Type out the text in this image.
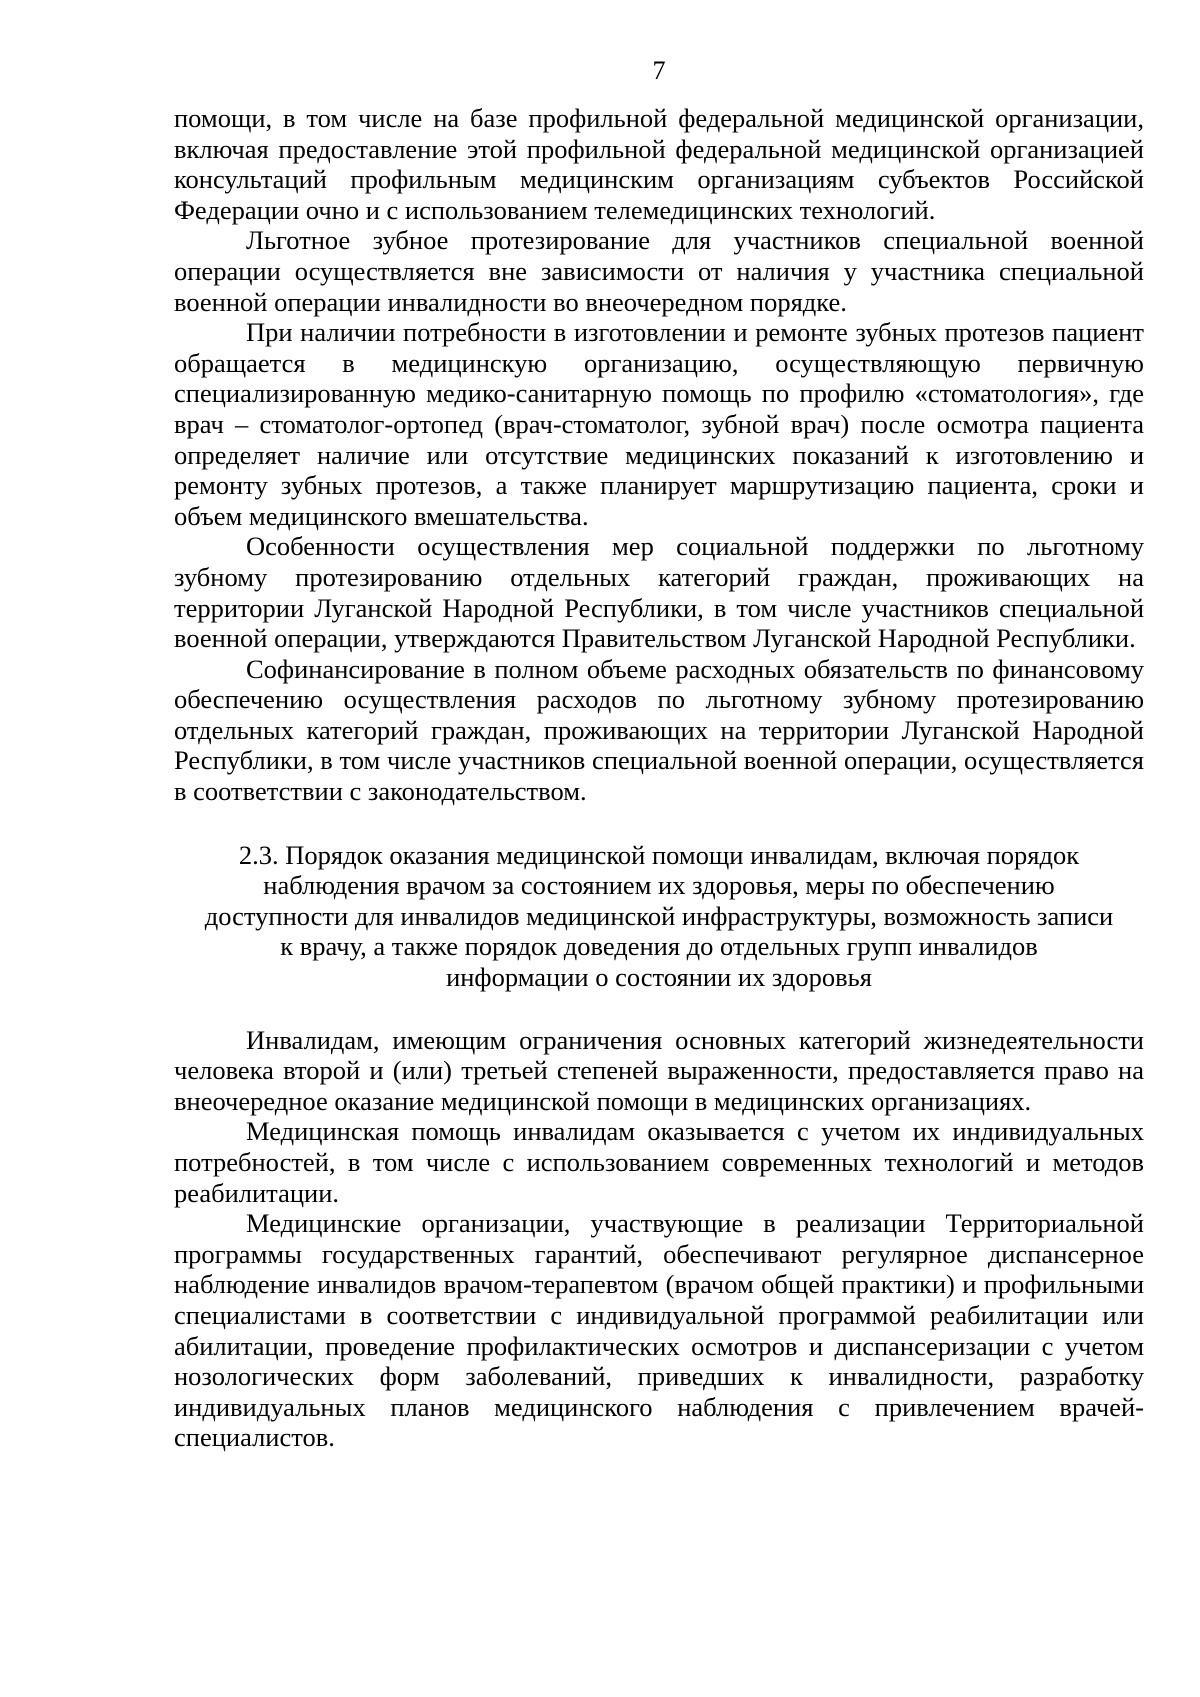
7

помощи, в том числе на базе профильной федеральной медицинской организации, включая предоставление этой профильной федеральной медицинской организацией консультаций профильным медицинским организациям субъектов Российской Федерации очно и с использованием телемедицинских технологий.

Льготное зубное протезирование для участников специальной военной операции осуществляется вне зависимости от наличия у участника специальной военной операции инвалидности во внеочередном порядке.

При наличии потребности в изготовлении и ремонте зубных протезов пациент обращается в медицинскую организацию, осуществляющую первичную специализированную медико-санитарную помощь по профилю «стоматология», где врач – стоматолог-ортопед (врач-стоматолог, зубной врач) после осмотра пациента определяет наличие или отсутствие медицинских показаний к изготовлению и ремонту зубных протезов, а также планирует маршрутизацию пациента, сроки и объем медицинского вмешательства.

Особенности осуществления мер социальной поддержки по льготному зубному протезированию отдельных категорий граждан, проживающих на территории Луганской Народной Республики, в том числе участников специальной военной операции, утверждаются Правительством Луганской Народной Республики.

Софинансирование в полном объеме расходных обязательств по финансовому обеспечению осуществления расходов по льготному зубному протезированию отдельных категорий граждан, проживающих на территории Луганской Народной Республики, в том числе участников специальной военной операции, осуществляется в соответствии с законодательством.

2.3. Порядок оказания медицинской помощи инвалидам, включая порядок
наблюдения врачом за состоянием их здоровья, меры по обеспечению
доступности для инвалидов медицинской инфраструктуры, возможность записи
к врачу, а также порядок доведения до отдельных групп инвалидов
информации о состоянии их здоровья

Инвалидам, имеющим ограничения основных категорий жизнедеятельности человека второй и (или) третьей степеней выраженности, предоставляется право на внеочередное оказание медицинской помощи в медицинских организациях.

Медицинская помощь инвалидам оказывается с учетом их индивидуальных потребностей, в том числе с использованием современных технологий и методов реабилитации.

Медицинские организации, участвующие в реализации Территориальной программы государственных гарантий, обеспечивают регулярное диспансерное наблюдение инвалидов врачом-терапевтом (врачом общей практики) и профильными специалистами в соответствии с индивидуальной программой реабилитации или абилитации, проведение профилактических осмотров и диспансеризации с учетом нозологических форм заболеваний, приведших к инвалидности, разработку индивидуальных планов медицинского наблюдения с привлечением врачей-специалистов.
